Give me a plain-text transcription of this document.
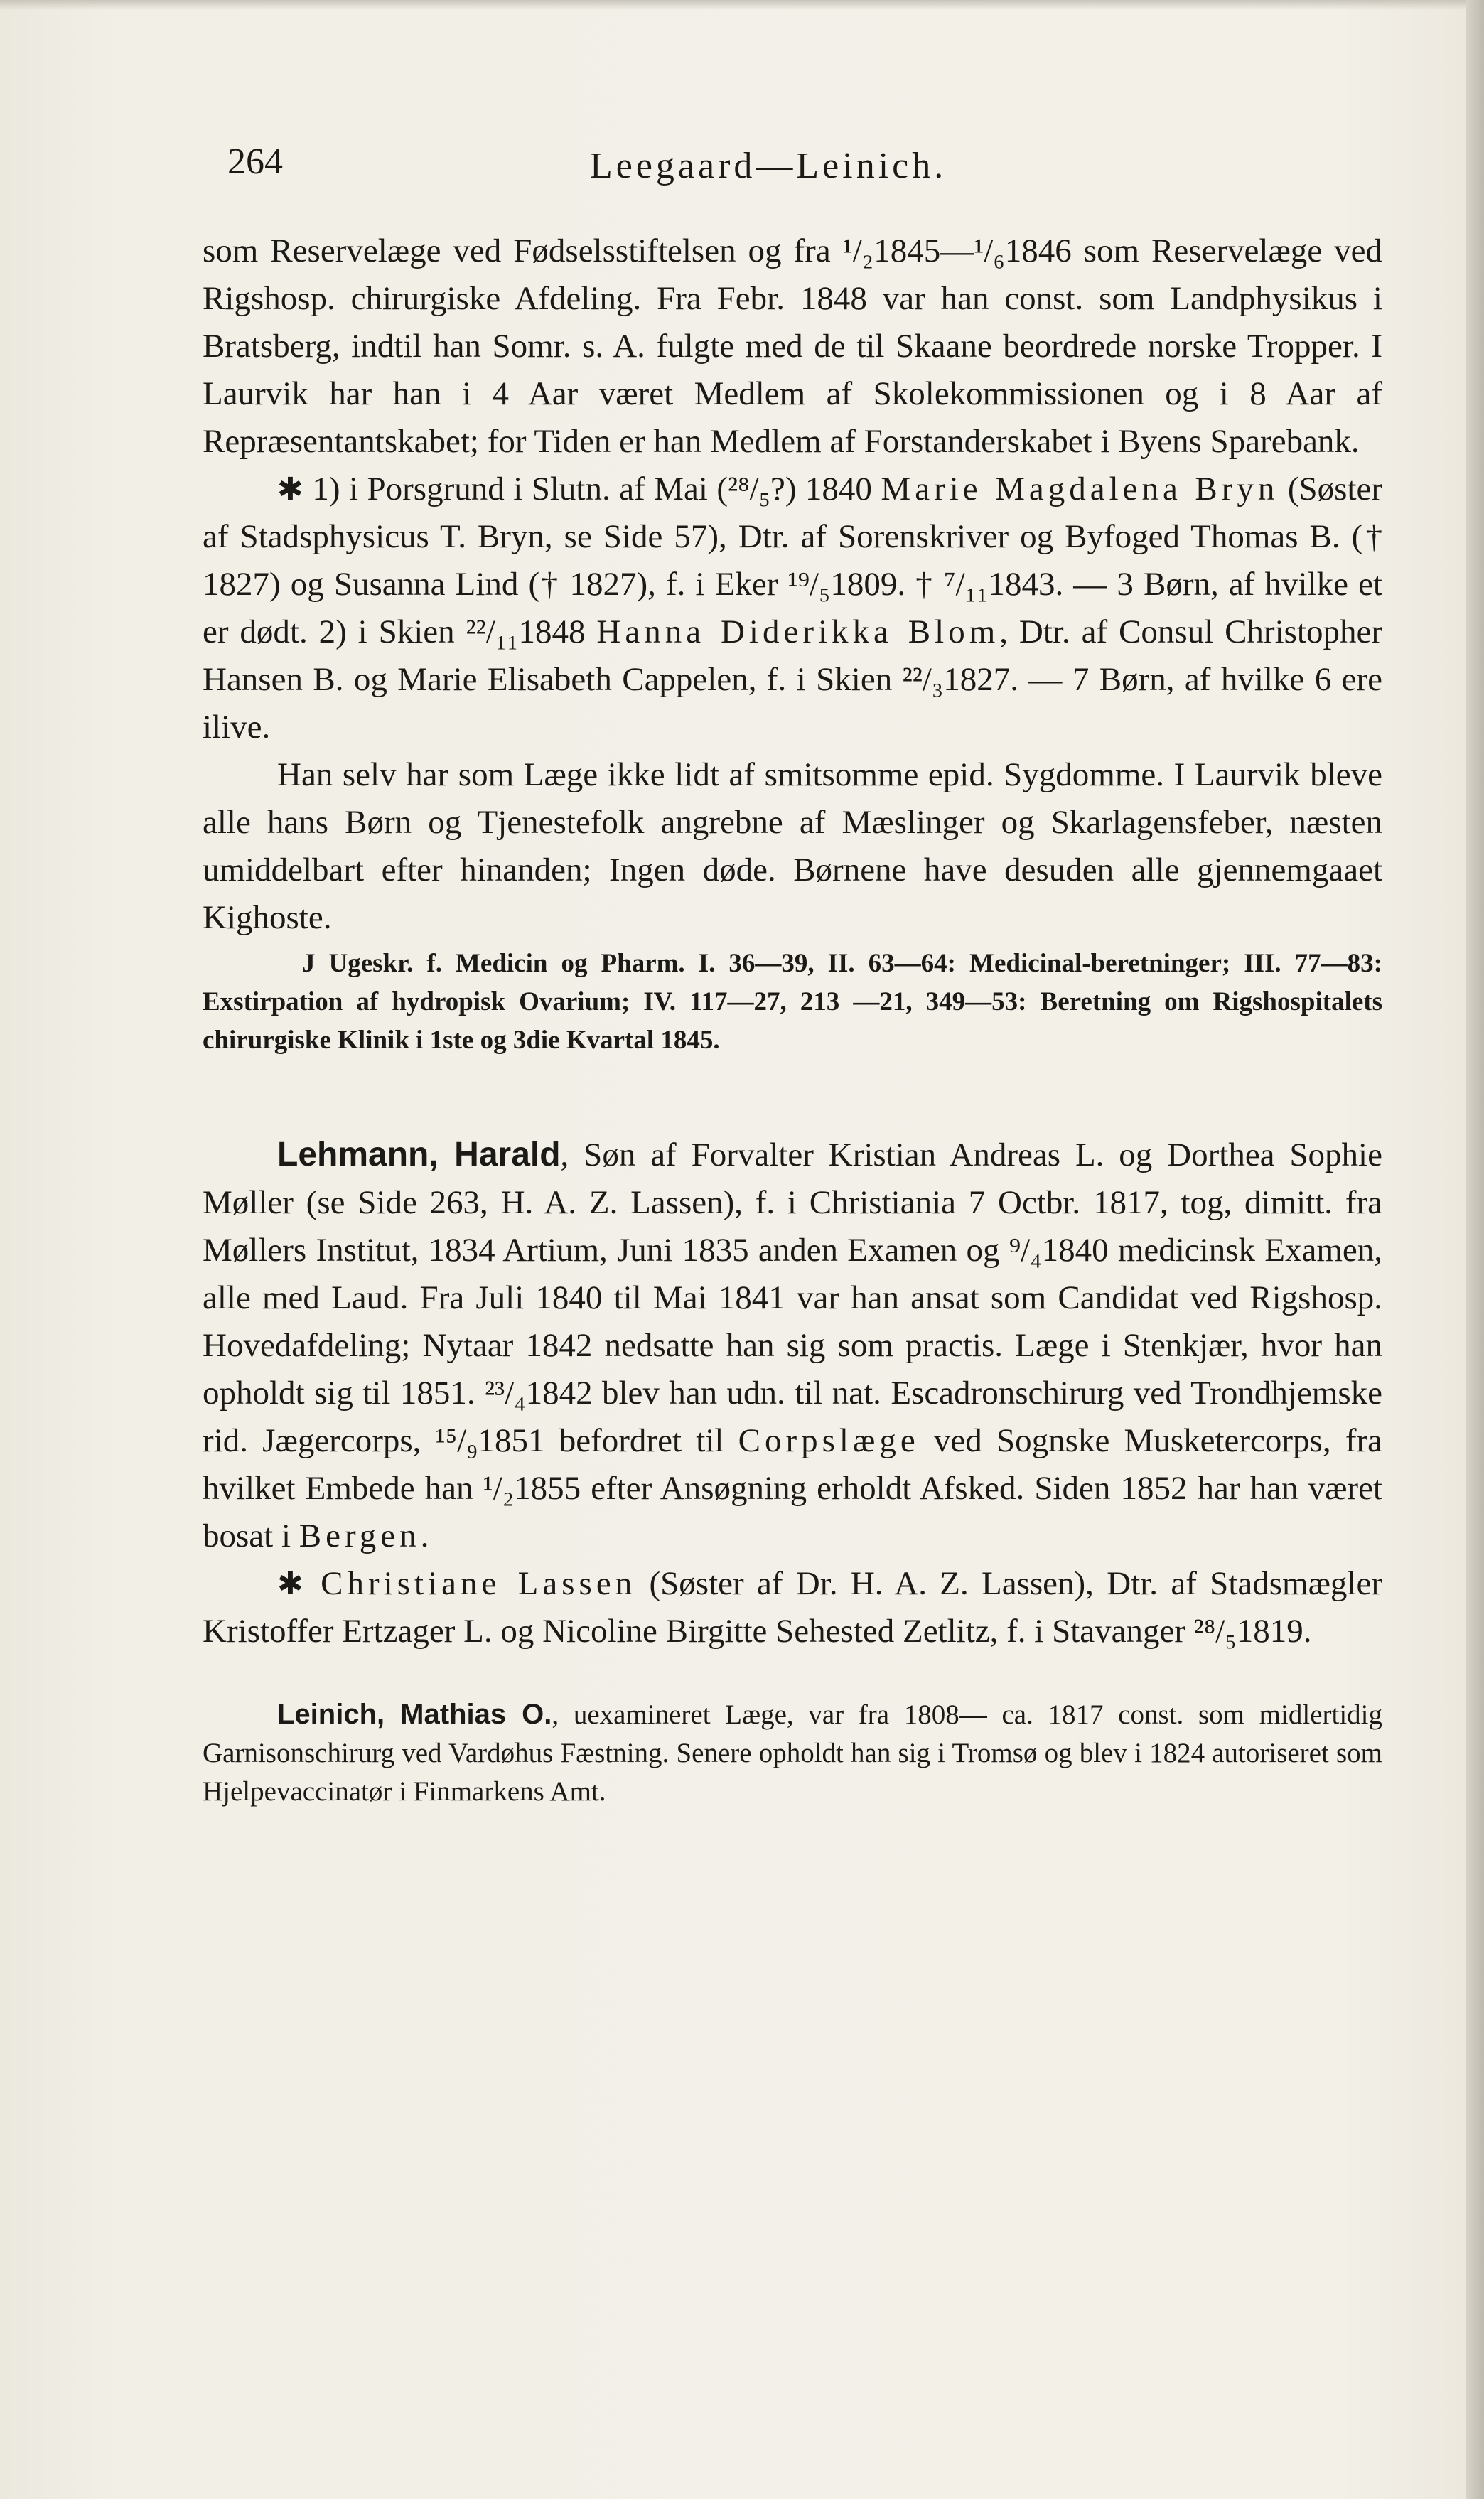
264	Leegaard—Leinich.

som Reservelæge ved Fødselsstiftelsen og fra ¹/₂1845—¹/₆1846 som Reservelæge ved Rigshosp. chirurgiske Afdeling. Fra Febr. 1848 var han const. som Landphysikus i Bratsberg, indtil han Somr. s. A. fulgte med de til Skaane beordrede norske Tropper. I Laurvik har han i 4 Aar været Medlem af Skolekommissionen og i 8 Aar af Repræsentantskabet; for Tiden er han Medlem af Forstanderskabet i Byens Sparebank.

✱ 1) i Porsgrund i Slutn. af Mai (²⁸/₅?) 1840 Marie Magdalena Bryn (Søster af Stadsphysicus T. Bryn, se Side 57), Dtr. af Sorenskriver og Byfoged Thomas B. († 1827) og Susanna Lind († 1827), f. i Eker ¹⁹/₅1809. † ⁷/₁₁1843. — 3 Børn, af hvilke et er dødt. 2) i Skien ²²/₁₁1848 Hanna Diderikka Blom, Dtr. af Consul Christopher Hansen B. og Marie Elisabeth Cappelen, f. i Skien ²²/₃1827. — 7 Børn, af hvilke 6 ere ilive.

Han selv har som Læge ikke lidt af smitsomme epid. Sygdomme. I Laurvik bleve alle hans Børn og Tjenestefolk angrebne af Mæslinger og Skarlagensfeber, næsten umiddelbart efter hinanden; Ingen døde. Børnene have desuden alle gjennemgaaet Kighoste.

J Ugeskr. f. Medicin og Pharm. I. 36—39, II. 63—64: Medicinal-beretninger; III. 77—83: Exstirpation af hydropisk Ovarium; IV. 117—27, 213 —21, 349—53: Beretning om Rigshospitalets chirurgiske Klinik i 1ste og 3die Kvartal 1845.

Lehmann, Harald, Søn af Forvalter Kristian Andreas L. og Dorthea Sophie Møller (se Side 263, H. A. Z. Lassen), f. i Christiania 7 Octbr. 1817, tog, dimitt. fra Møllers Institut, 1834 Artium, Juni 1835 anden Examen og ⁹/₄1840 medicinsk Examen, alle med Laud. Fra Juli 1840 til Mai 1841 var han ansat som Candidat ved Rigshosp. Hovedafdeling; Nytaar 1842 nedsatte han sig som practis. Læge i Stenkjær, hvor han opholdt sig til 1851. ²³/₄1842 blev han udn. til nat. Escadronschirurg ved Trondhjemske rid. Jægercorps, ¹⁵/₉1851 befordret til Corpslæge ved Sognske Musketercorps, fra hvilket Embede han ¹/₂1855 efter Ansøgning erholdt Afsked. Siden 1852 har han været bosat i Bergen.

✱ Christiane Lassen (Søster af Dr. H. A. Z. Lassen), Dtr. af Stadsmægler Kristoffer Ertzager L. og Nicoline Birgitte Sehested Zetlitz, f. i Stavanger ²⁸/₅1819.

Leinich, Mathias O., uexamineret Læge, var fra 1808— ca. 1817 const. som midlertidig Garnisonschirurg ved Vardøhus Fæstning. Senere opholdt han sig i Tromsø og blev i 1824 autoriseret som Hjelpevaccinatør i Finmarkens Amt.
